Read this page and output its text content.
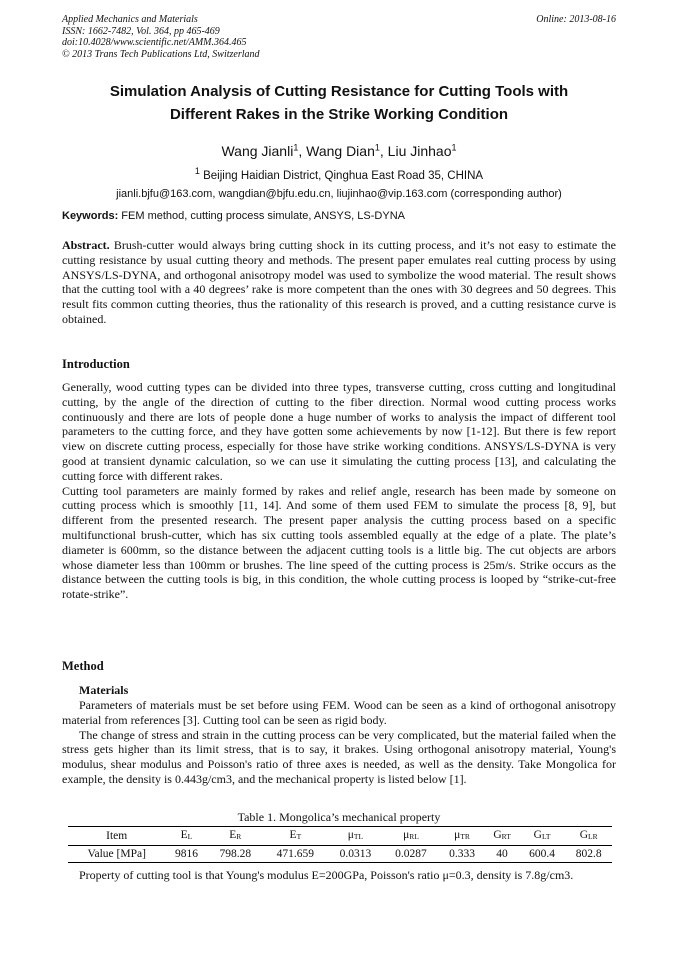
Applied Mechanics and Materials
ISSN: 1662-7482, Vol. 364, pp 465-469
doi:10.4028/www.scientific.net/AMM.364.465
© 2013 Trans Tech Publications Ltd, Switzerland
Online: 2013-08-16
Simulation Analysis of Cutting Resistance for Cutting Tools with
Different Rakes in the Strike Working Condition
Wang Jianli$^1$, Wang Dian$^1$, Liu Jinhao$^1$
$^1$ Beijing Haidian District, Qinghua East Road 35, CHINA
jianli.bjfu@163.com, wangdian@bjfu.edu.cn, liujinhao@vip.163.com (corresponding author)
Keywords: FEM method, cutting process simulate, ANSYS, LS-DYNA

Abstract. Brush-cutter would always bring cutting shock in its cutting process, and it’s not easy to estimate the cutting resistance by usual cutting theory and methods. The present paper emulates real cutting process by using ANSYS/LS-DYNA, and orthogonal anisotropy model was used to symbolize the wood material. The result shows that the cutting tool with a 40 degrees’ rake is more competent than the ones with 30 degrees and 50 degrees. This result fits common cutting theories, thus the rationality of this research is proved, and a cutting resistance curve is obtained.

Introduction

Generally, wood cutting types can be divided into three types, transverse cutting, cross cutting and longitudinal cutting, by the angle of the direction of cutting to the fiber direction. Normal wood cutting process works continuously and there are lots of people done a huge number of works to analysis the impact of different tool parameters to the cutting force, and they have gotten some achievements by now [1-12]. But there is few report view on discrete cutting process, especially for those have strike working conditions. ANSYS/LS-DYNA is very good at transient dynamic calculation, so we can use it simulating the cutting process [13], and calculating the cutting force with different rakes.

Cutting tool parameters are mainly formed by rakes and relief angle, research has been made by someone on cutting process which is smoothly [11, 14]. And some of them used FEM to simulate the process [8, 9], but different from the presented research. The present paper analysis the cutting process based on a specific multifunctional brush-cutter, which has six cutting tools assembled equally at the edge of a plate. The plate’s diameter is 600mm, so the distance between the adjacent cutting tools is a little big. The cut objects are arbors whose diameter less than 100mm or brushes. The line speed of the cutting process is 25m/s. Strike occurs as the distance between the cutting tools is big, in this condition, the whole cutting process is looped by “strike-cut-free rotate-strike”.

Method
Materials

Parameters of materials must be set before using FEM. Wood can be seen as a kind of orthogonal anisotropy material from references [3]. Cutting tool can be seen as rigid body.

The change of stress and strain in the cutting process can be very complicated, but the material failed when the stress gets higher than its limit stress, that is to say, it brakes. Using orthogonal anisotropy material, Young's modulus, shear modulus and Poisson's ratio of three axes is needed, as well as the density. Take Mongolica for example, the density is 0.443g/cm3, and the mechanical property is listed below [1].

Table 1. Mongolica’s mechanical property
Item	EL	ER	ET	μTL	μRL	μTR	GRT	GLT	GLR
Value [MPa]	9816	798.28	471.659	0.0313	0.0287	0.333	40	600.4	802.8

Property of cutting tool is that Young's modulus E=200GPa, Poisson's ratio μ=0.3, density is 7.8g/cm3.
